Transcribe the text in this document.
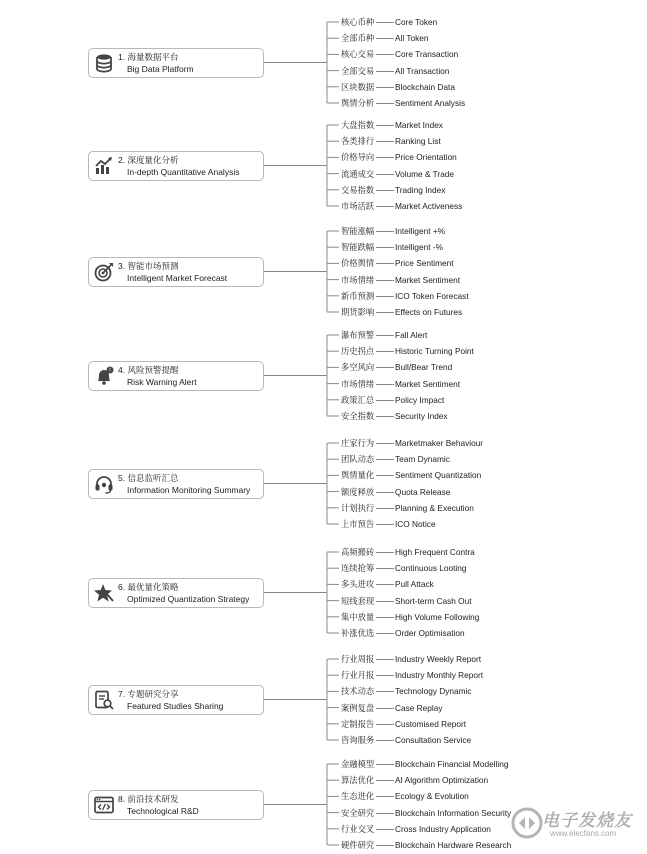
1. 海量数据平台
Big Data Platform
核心币种	Core Token
全部币种	All Token
核心交易	Core Transaction
全部交易	All Transaction
区块数据	Blockchain Data
舆情分析	Sentiment Analysis
2. 深度量化分析
In-depth Quantitative Analysis
大盘指数	Market Index
各类排行	Ranking List
价格导向	Price Orientation
流通成交	Volume & Trade
交易指数	Trading Index
市场活跃	Market Activeness
3. 智能市场预测
Intelligent Market Forecast
智能涨幅	Intelligent +%
智能跌幅	Intelligent -%
价格舆情	Price Sentiment
市场情绪	Market Sentiment
新币预测	ICO Token Forecast
期货影响	Effects on Futures
! 4. 风险预警提醒
Risk Warning Alert
瀑布预警	Fall Alert
历史拐点	Historic Turning Point
多空风向	Bull/Bear Trend
市场情绪	Market Sentiment
政策汇总	Policy Impact
安全指数	Security Index
5. 信息监听汇总
Information Monitoring Summary
庄家行为	Marketmaker Behaviour
团队动态	Team Dynamic
舆情量化	Sentiment Quantization
额度释放	Quota Release
计划执行	Planning & Execution
上市预告	ICO Notice
6. 最优量化策略
Optimized Quantization Strategy
高频搬砖	High Frequent Contra
连续抢筹	Continuous Looting
多头进攻	Pull Attack
短线套现	Short-term Cash Out
集中放量	High Volume Following
补涨优选	Order Optimisation
7. 专题研究分享
Featured Studies Sharing
行业周报	Industry Weekly Report
行业月报	Industry Monthly Report
技术动态	Technology Dynamic
案例复盘	Case Replay
定制报告	Customised Report
咨询服务	Consultation Service
8. 前沿技术研发
Technological R&D
金融模型	Blockchain Financial Modelling
算法优化	AI Algorithm Optimization
生态进化	Ecology & Evolution
安全研究	Blockchain Information Security
行业交叉	Cross Industry Application
硬件研究	Blockchain Hardware Research
电子发烧友
www.elecfans.com
